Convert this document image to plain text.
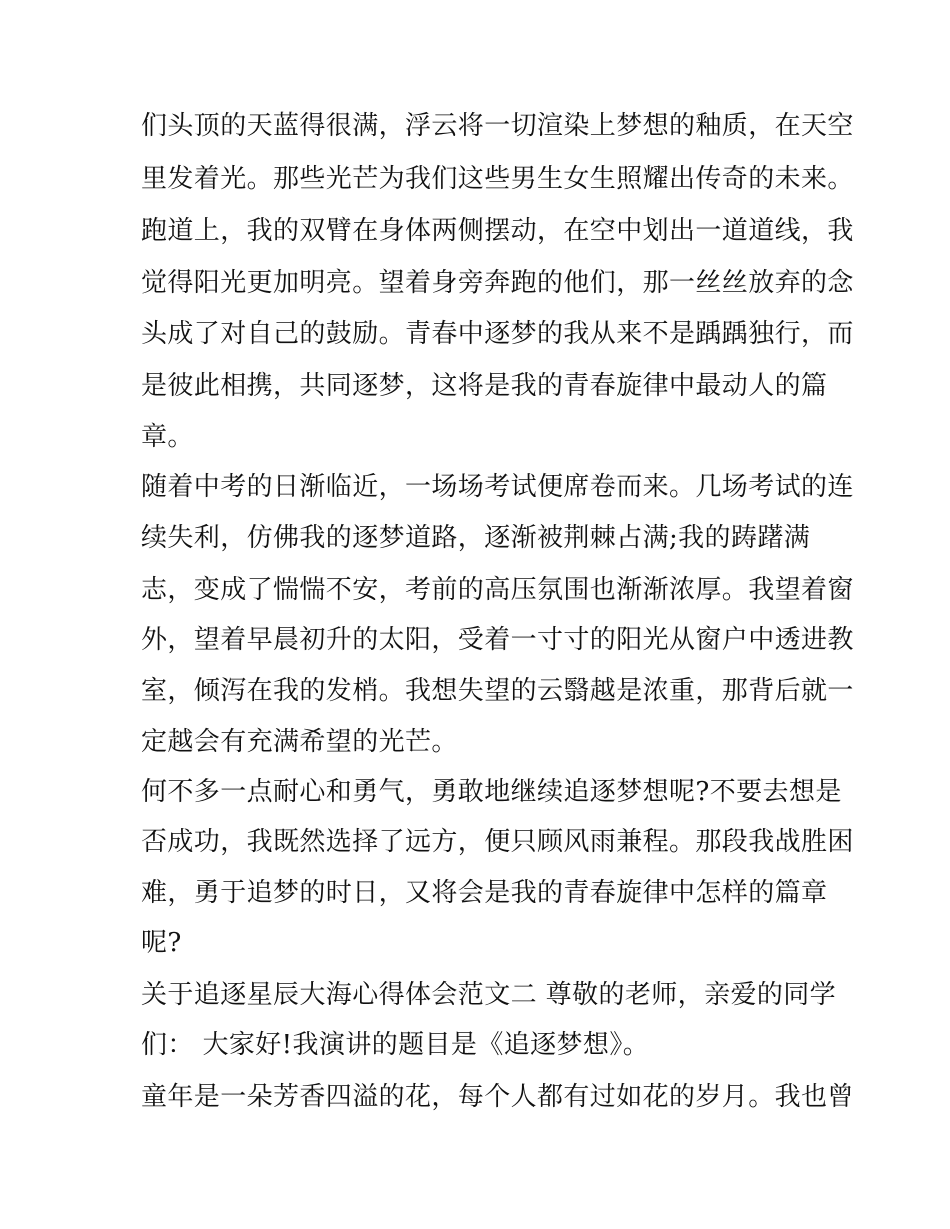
们头顶的天蓝得很满，浮云将一切渲染上梦想的釉质，在天空
里发着光。那些光芒为我们这些男生女生照耀出传奇的未来。
跑道上，我的双臂在身体两侧摆动，在空中划出一道道线，我
觉得阳光更加明亮。望着身旁奔跑的他们，那一丝丝放弃的念
头成了对自己的鼓励。青春中逐梦的我从来不是踽踽独行，而
是彼此相携，共同逐梦，这将是我的青春旋律中最动人的篇
章。
随着中考的日渐临近，一场场考试便席卷而来。几场考试的连
续失利，仿佛我的逐梦道路，逐渐被荆棘占满;我的踌躇满
志，变成了惴惴不安，考前的高压氛围也渐渐浓厚。我望着窗
外，望着早晨初升的太阳，受着一寸寸的阳光从窗户中透进教
室，倾泻在我的发梢。我想失望的云翳越是浓重，那背后就一
定越会有充满希望的光芒。
何不多一点耐心和勇气，勇敢地继续追逐梦想呢?不要去想是
否成功，我既然选择了远方，便只顾风雨兼程。那段我战胜困
难，勇于追梦的时日，又将会是我的青春旋律中怎样的篇章
呢?
关于追逐星辰大海心得体会范文二 尊敬的老师，亲爱的同学
们： 大家好!我演讲的题目是《追逐梦想》。
童年是一朵芳香四溢的花，每个人都有过如花的岁月。我也曾
